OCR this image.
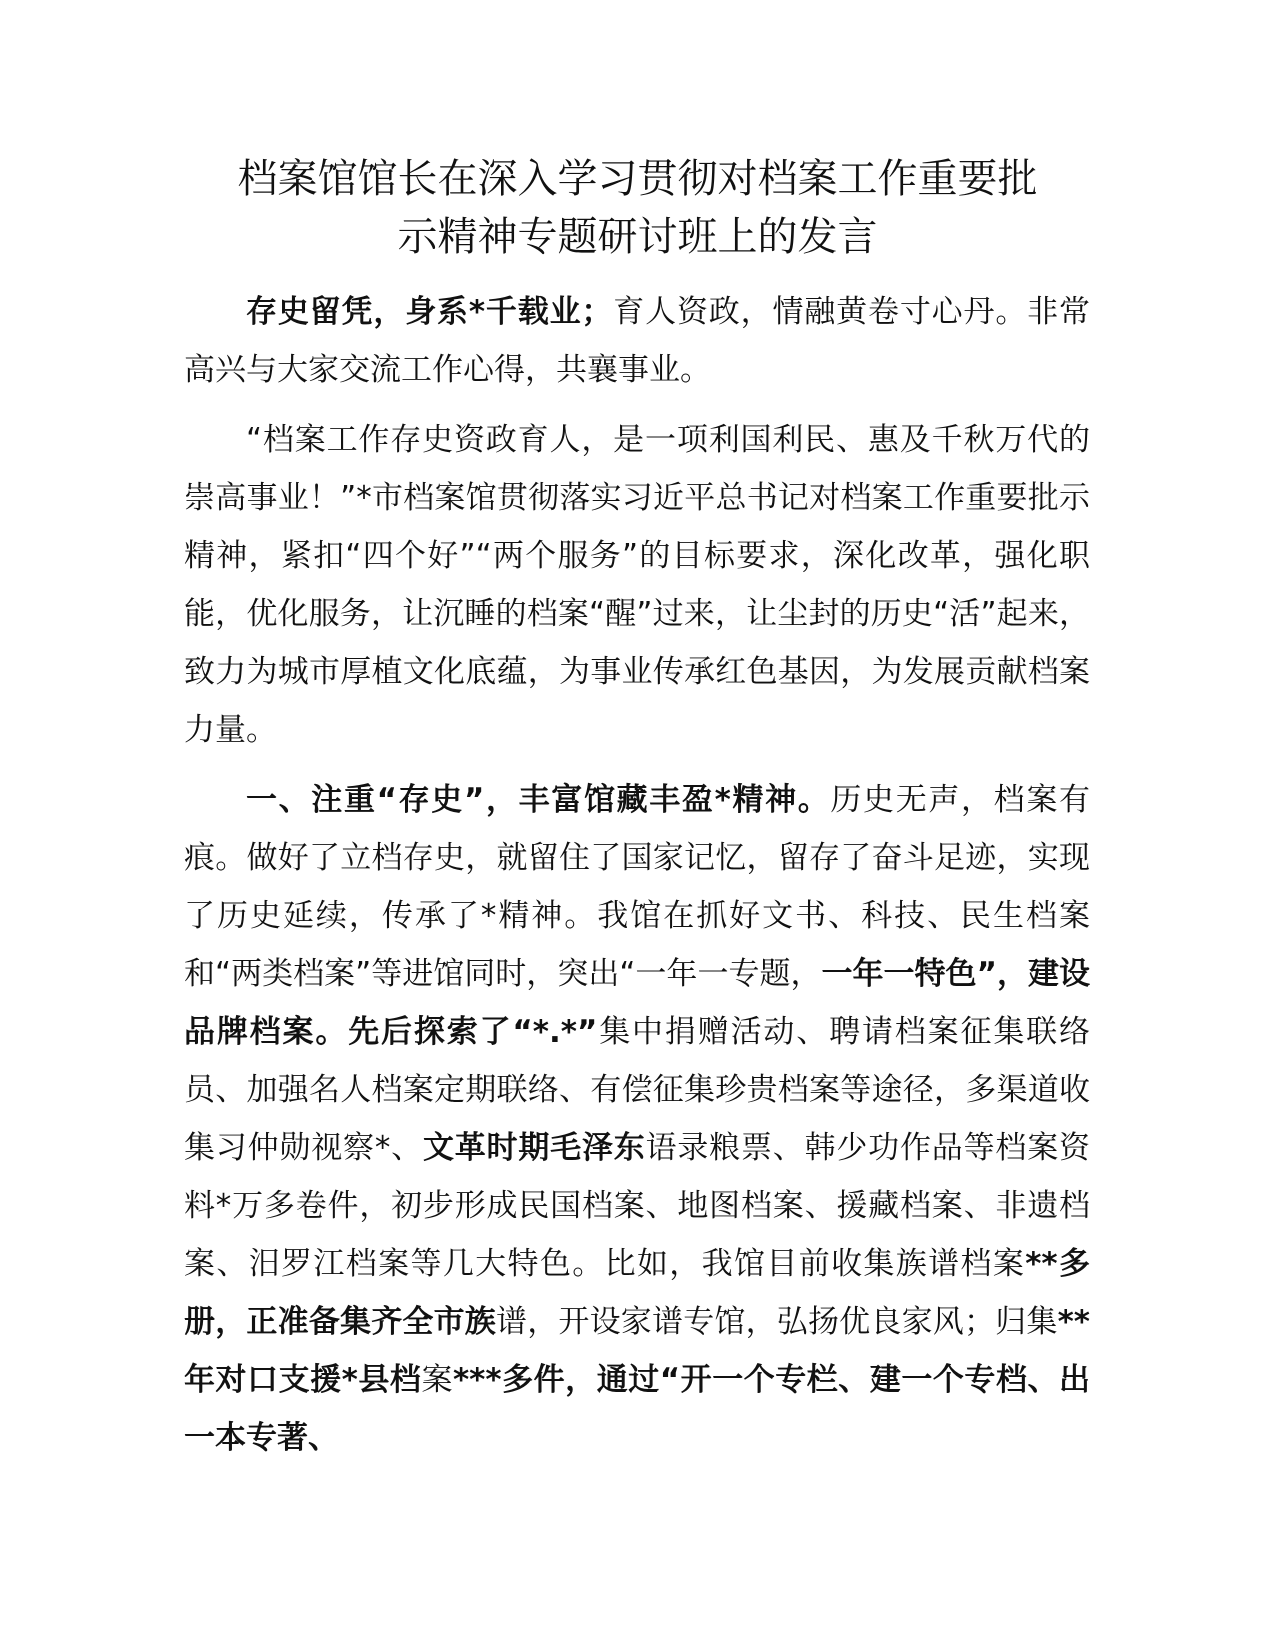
档案馆馆长在深入学习贯彻对档案工作重要批
示精神专题研讨班上的发言

存史留凭，身系*千载业；育人资政，情融黄卷寸心丹。非常高兴与大家交流工作心得，共襄事业。

“档案工作存史资政育人，是一项利国利民、惠及千秋万代的崇高事业！”*市档案馆贯彻落实习近平总书记对档案工作重要批示精神，紧扣“四个好”“两个服务”的目标要求，深化改革，强化职能，优化服务，让沉睡的档案“醒”过来，让尘封的历史“活”起来，致力为城市厚植文化底蕴，为事业传承红色基因，为发展贡献档案力量。

一、注重“存史”，丰富馆藏丰盈*精神。历史无声，档案有痕。做好了立档存史，就留住了国家记忆，留存了奋斗足迹，实现了历史延续，传承了*精神。我馆在抓好文书、科技、民生档案和“两类档案”等进馆同时，突出“一年一专题，一年一特色”，建设品牌档案。先后探索了“*.*”集中捐赠活动、聘请档案征集联络员、加强名人档案定期联络、有偿征集珍贵档案等途径，多渠道收集习仲勋视察*、文革时期毛泽东语录粮票、韩少功作品等档案资料*万多卷件，初步形成民国档案、地图档案、援藏档案、非遗档案、汨罗江档案等几大特色。比如，我馆目前收集族谱档案**多册，正准备集齐全市族谱，开设家谱专馆，弘扬优良家风；归集**年对口支援*县档案***多件，通过“开一个专栏、建一个专档、出一本专著、
